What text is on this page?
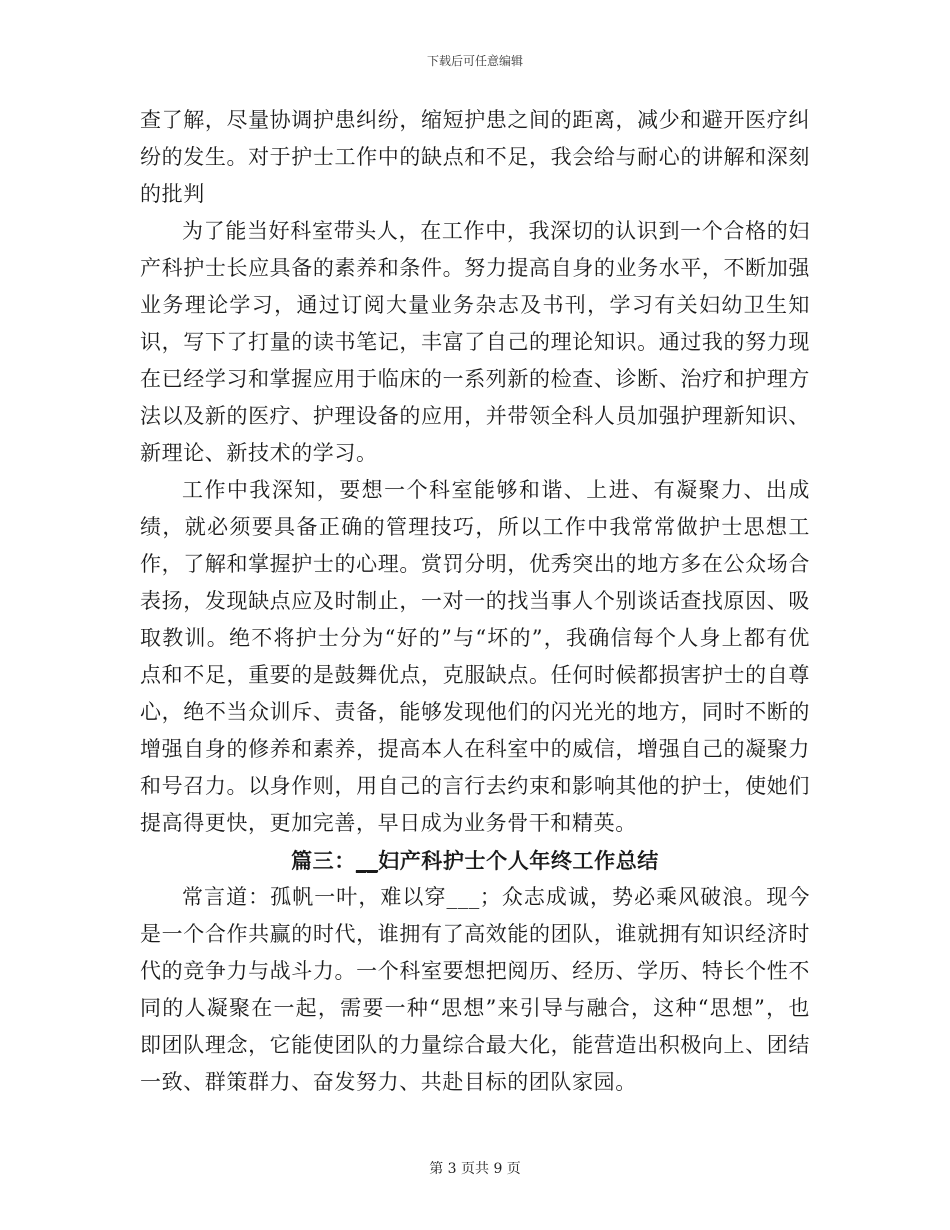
下载后可任意编辑

查了解，尽量协调护患纠纷，缩短护患之间的距离，减少和避开医疗纠纷的发生。对于护士工作中的缺点和不足，我会给与耐心的讲解和深刻的批判

为了能当好科室带头人，在工作中，我深切的认识到一个合格的妇产科护士长应具备的素养和条件。努力提高自身的业务水平，不断加强业务理论学习，通过订阅大量业务杂志及书刊，学习有关妇幼卫生知识，写下了打量的读书笔记，丰富了自己的理论知识。通过我的努力现在已经学习和掌握应用于临床的一系列新的检查、诊断、治疗和护理方法以及新的医疗、护理设备的应用，并带领全科人员加强护理新知识、新理论、新技术的学习。

工作中我深知，要想一个科室能够和谐、上进、有凝聚力、出成绩，就必须要具备正确的管理技巧，所以工作中我常常做护士思想工作，了解和掌握护士的心理。赏罚分明，优秀突出的地方多在公众场合表扬，发现缺点应及时制止，一对一的找当事人个别谈话查找原因、吸取教训。绝不将护士分为“好的”与“坏的”，我确信每个人身上都有优点和不足，重要的是鼓舞优点，克服缺点。任何时候都损害护士的自尊心，绝不当众训斥、责备，能够发现他们的闪光光的地方，同时不断的增强自身的修养和素养，提高本人在科室中的威信，增强自己的凝聚力和号召力。以身作则，用自己的言行去约束和影响其他的护士，使她们提高得更快，更加完善，早日成为业务骨干和精英。

篇三：__妇产科护士个人年终工作总结

常言道：孤帆一叶，难以穿___；众志成诚，势必乘风破浪。现今是一个合作共赢的时代，谁拥有了高效能的团队，谁就拥有知识经济时代的竞争力与战斗力。一个科室要想把阅历、经历、学历、特长个性不同的人凝聚在一起，需要一种“思想”来引导与融合，这种“思想”，也即团队理念，它能使团队的力量综合最大化，能营造出积极向上、团结一致、群策群力、奋发努力、共赴目标的团队家园。

第 3 页共 9 页
